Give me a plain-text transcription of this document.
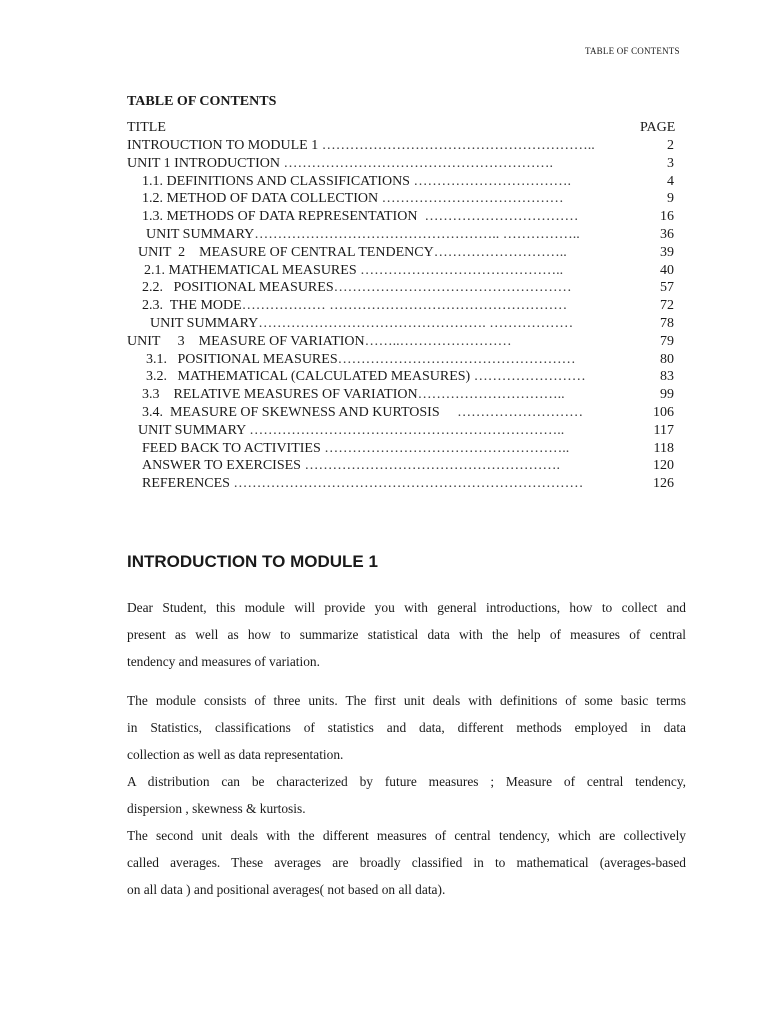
TABLE OF CONTENTS
TABLE OF CONTENTS
TITLE	PAGE
INTROUCTION TO MODULE 1 …………………………………………………..	2
UNIT 1 INTRODUCTION ………………………………………………….	3
1.1. DEFINITIONS AND CLASSIFICATIONS …………………………….	4
1.2. METHOD OF DATA COLLECTION …………………………………	9
1.3. METHODS OF DATA REPRESENTATION  ……………………………	16
UNIT SUMMARY…………………………………………….. ……………..	36
UNIT  2    MEASURE OF CENTRAL TENDENCY………………………..	39
2.1. MATHEMATICAL MEASURES ……………………………………..	40
2.2.   POSITIONAL MEASURES……………………………………………	57
2.3.  THE MODE……………… ……………………………………………	72
UNIT SUMMARY…………………………………………. ………………	78
UNIT     3    MEASURE OF VARIATION……..……………………	79
3.1.   POSITIONAL MEASURES……………………………………………	80
3.2.   MATHEMATICAL (CALCULATED MEASURES) ……………………	83
3.3    RELATIVE MEASURES OF VARIATION…………………………..	99
3.4.  MEASURE OF SKEWNESS AND KURTOSIS     ………………………	106
UNIT SUMMARY …………………………………………………………..	117
FEED BACK TO ACTIVITIES ……………………………………………..	118
ANSWER TO EXERCISES ……………………………………………….	120
REFERENCES …………………………………………………………………	126
INTRODUCTION TO MODULE 1
Dear Student, this module will provide you with general introductions, how to collect and
present as well as how to summarize statistical data with the help of measures of central
tendency and measures of variation.
The module consists of three units. The first unit deals with definitions of some basic terms
in Statistics, classifications of statistics and data, different methods employed in data
collection as well as data representation.
A distribution can be characterized by future measures ; Measure of central tendency,
dispersion , skewness & kurtosis.
The second unit deals with the different measures of central tendency, which are collectively
called averages. These averages are broadly classified in to mathematical (averages-based
on all data ) and positional averages( not based on all data).
